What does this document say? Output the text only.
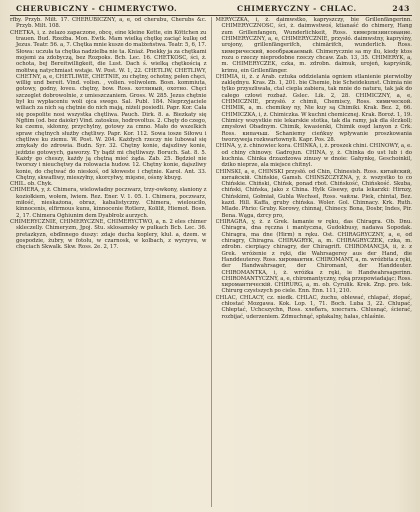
CHERUBICZNY - CHIMERYCTWO.	CHIMERYCZNY - CHLAC.	243

rfby. Przyb. Milt. 17. CHERUBICZNY, a, e, od cherubu, Cherubs &c. Przyb. Milt. 108.

CHETKA, i, z. żelazo zapaczone, obcę, eine kleine Kette, ein Köttchen zu trauen. Bud. Rzeźba. Mon. Ewtk. Mam wielką chętkę zaciąć kulkę od Jezus. Teatr. 56. a, 7. Chętka mnie kusze do malżeństwa. Teatr. 5, 6, 17. Słowa: uczuła ta chętka nadzielba nie ta. Kniaź. Pnekky ja za chętkami mojemi za zdobyczą, bez Rozpoks. Bcb. Lec. 16. CHETKOSC, ści, ż. ochota, bej Bereitwilligkeit, die Lust. Dach ś. wielką chętkością z mołitwą natychmiast wstaje. W. Post. W. 1, 22. CHETLIW, CHETLIWY, CHETNY, a, e, CHETLIWIE, CHETNIE, zu chętny, ochotny, pełen chęci, willig und bereit. Vind. volisn. , volien. voliwolem. Bosn. kommiuta, gotowy, godny, łoveu. chętny, bow. Ross. хотливый, охотно. Chęci szczeglet dobrowolnie, z umieszczaniem. Gross. W. 285. Jezus chętnie był ku wypłaceniu woli ojca swego. Sal. Publ. 184. Nieprzyjaciele wiliach za nich są chętnie do nich mają, niżeli posiedli. Papr. Kor. Cała się pospolite nosi wszystka chętliwa. Pauch. Dirk. 8. a. Biezkaty się Ngfiim (od. bez daiokr) Vind. zatoskus, hodrovoltus. 2. Chęty do czego, ku czemu, skłonny, przychylny, gotowy za cmno. Mało do wszelkich spraw chętnych służby chętliwy. Papr. Kor. 112. Sowa iosze Siłowu i chętliwe ku ziemu. W. Post. W. 204. Każdych rzeczy nie lubował się zmykały do zdrowia. Budn. Syr. 32. Chętny konie, dajszliwy konie, jeździe gotowych, gaworzy. Ty bądź mi chętliwszy. Boruch. Sat. 8. 5. Każdy go cheszy, każdy ją chętną mieć żąda. Zab. 25. Będzieł nie tworszy i nieuchętwy da rolowacia hudow. 12. Chętny konie, dajszliwy konie, do chętwać do nieskoś, od kłoweste i chętnie. Karol. Ant. 33. Chętny, skwafliwy, mieszyłny, skorcyłwy, mięsne, ośsny kbuyg.

CHIL. ob. Chyk.

CHIMERA, y, ż. Chimera, wielowładny poczwarz, trzy-owkony, slaniony z koziołkiem, wołem, lwiem. Rez. Ener. V. 1. 05. 1. Chimera, poczwarz, miłość, nieskażona, obraz, kabalistyczny. Chimera, wielouciło, kinnocenis, elfirmous kunu, kinnocenie Rotlerz, Kolilit, Hiemot. Bosn. 2, 17. Chimera Oghiunim dem Dyabłrolz aurzych.

CHIMERYCZNIE, CHIMERYCZNE, CHIMERYCTWO, a, n. 2 eles chimer skleczelly. Chimeryzm, Jpoj. Stu. sklosamsky w pułkach Bcb. Lec. 36. pretazkyzn, ebdlnnego duszy: zdaje ducha koplery, kluł. a, dzem. w gospodzie, żubry, w fotołu, w czarnosk, w kolbach, z wyrzyvu, w chęciach Skwalk. Skw. Ross. 2e. 2, 17.

MERYCZKA, i, ż. daimwstko, kapryszczy, bie Grillenfängerinn. CHIMERYCZNOSC, ści, ż. daimwstwoś, ktianaść do chimery, Hang zum Grillenfangen, Wunderlichkeit, Ross. химерлизиисованиe. CHIMERYCZNY, a, e, CHIMERYCZNIE, przysłó. daimwstny, kapryśny, urojony, grillenfängerifch, chimärifch, wunderlich. Ross. химерический, вооображаемый. Chimerycznie sa my ilu, kiedy ktos rozu o rzeczy nieprodobne rzeczy chcaw. Zab. 13, 35. CHIMERYK, a, m. CHIMERYCZEK, czka, m. zdrobn. daimuk, urojeń, kapryśnik, krimu, ein Grillenfänger.

CHIMIA, ii, ż. z Arab. сztuka oddzielania ogniem stlanienie pierwiolby zaklędnyu. Kras. Zb. 1, 201. bie Chemie, bie Scheidekunst. Chimia nie tylko przyszliwała, ctal ciepla zabiera, tak mnie do naturu, tak jak do całego człowi rozbaż. Gslec. Lik. 2, 28. CHIMICZNY, a, e, CHIMICZNIE, przysłó. z chimii, Chemiscy, Ross. химической. CHIMIK, a, m. chemiksy ny, Nie kuy są Chimiki. Krak. Bez. 2, 66. CHIMICZKA, i, ż. Chimiczka. W kuchni chemicznej. Krak. Boroż. 1, 19. Chimicy wszystkie nie lekarskie stotka, tak dla ramy, jak dla ślczkoll; zmysłowi Obadnym. Chimik, kwasienki, Chimik osęd lanyon z Crk. Ross. кипачьш. Schaniemy cieńkuy wpływanie proszkowania tworzyweja rozkwartownyli. Kapr. Pos. 28.

CHINA, y, ż. chinowiec kora. CHINKA, i, ż. proszek chini. CHINOWY, a, e. od chiny chinowy. Gadrojun. CHINA, y, ż. Chinka do ust lub i do kuchnia. Chinka drzazdzowa zinusy w dnoie: Gahynkę, Geschoinkil, dziko nieprze, ala miejsce chitnyl.

CHINSKI, a, e, CHINSKI przysłó. od Chin, Chinesish. Ross. китайский, китайскій. Chińskie, Gamsh. CHINSZCZYZNA, y, ż. wszystko to co Chińskie. Chiński, Chińsk, ponad rbot. Chińskość, Chińskość. Skuba, chiński, Chińska, jako z China. Hylk Gisewy, guta lekarzki: Hirnzy, Chińskimi, Gołmiał, Gubla Wechsel, Ross. чайлы. Piek, chintal, Bez. kazd. Hill. Kaffa, gruby chińska. Woler. Gol. Chinnacy. Krk. Ruth. Mlade. Phrio: Gruby. Korowy, chinnaj, Chinecy. Bona, Dosbr, Indes, Pir. Bena. Wąga, dzrcy pro,

CHIRAGRA, y, ż. z Grek. łamanie w ręku, das Chiragra. Ob. Dnu. Chiragra, dna ręczna i mantyczna, Gudokbusy, nadawa Sopodak. Chiragra, ma dne (Hirm) n ręku. Ost. CHIRAGRYCZNY, a, e, od chiragry, Chiragra. CHIRAGRYK, a, m. CHIRAGRYCZEK, czka, m. zdrobn. cierpiący chiragry, der Chiragrift. CHIROMANCJA, ii, ż. z Grek. wróżenie z ręki, die Wahrsagerey aus der Hand, die Handdeuterey. Ross. хиромантия. CHIROMANT, a, m. wróżbita z ręki, der Handwahrsager, der Chiromant, der Handdeuter. CHIROMANTKA, i, ż. wróżka z ręki, ie Handwahrsagerinn. CHIROMANTYCZNY, a, e, chiromantyczny, ręką przepowiadając; Ross. хиромантическій. CHIRURG, a, m. ob. Cyrulik. Krek. Znp. pro. tek. Chirurg czystszych po ciele. Enn. Enn. 111, 210.

CHLAC, CHLACY, cz. niedk. CHLAC, żuchu, oblewać, chlapać, żlopać, chłostać Mozgawa. Kok. Lop. 1, 71. Boch. Luba 3, 22. Chlupać, Chłeptać, Uchcszychn, Ross. хлебать, хлестать. Chlusnąć, ścierać, rozbijać, uderzeniem. Zdmuchnąć, spłakalny, hałas, chlaśnie.
